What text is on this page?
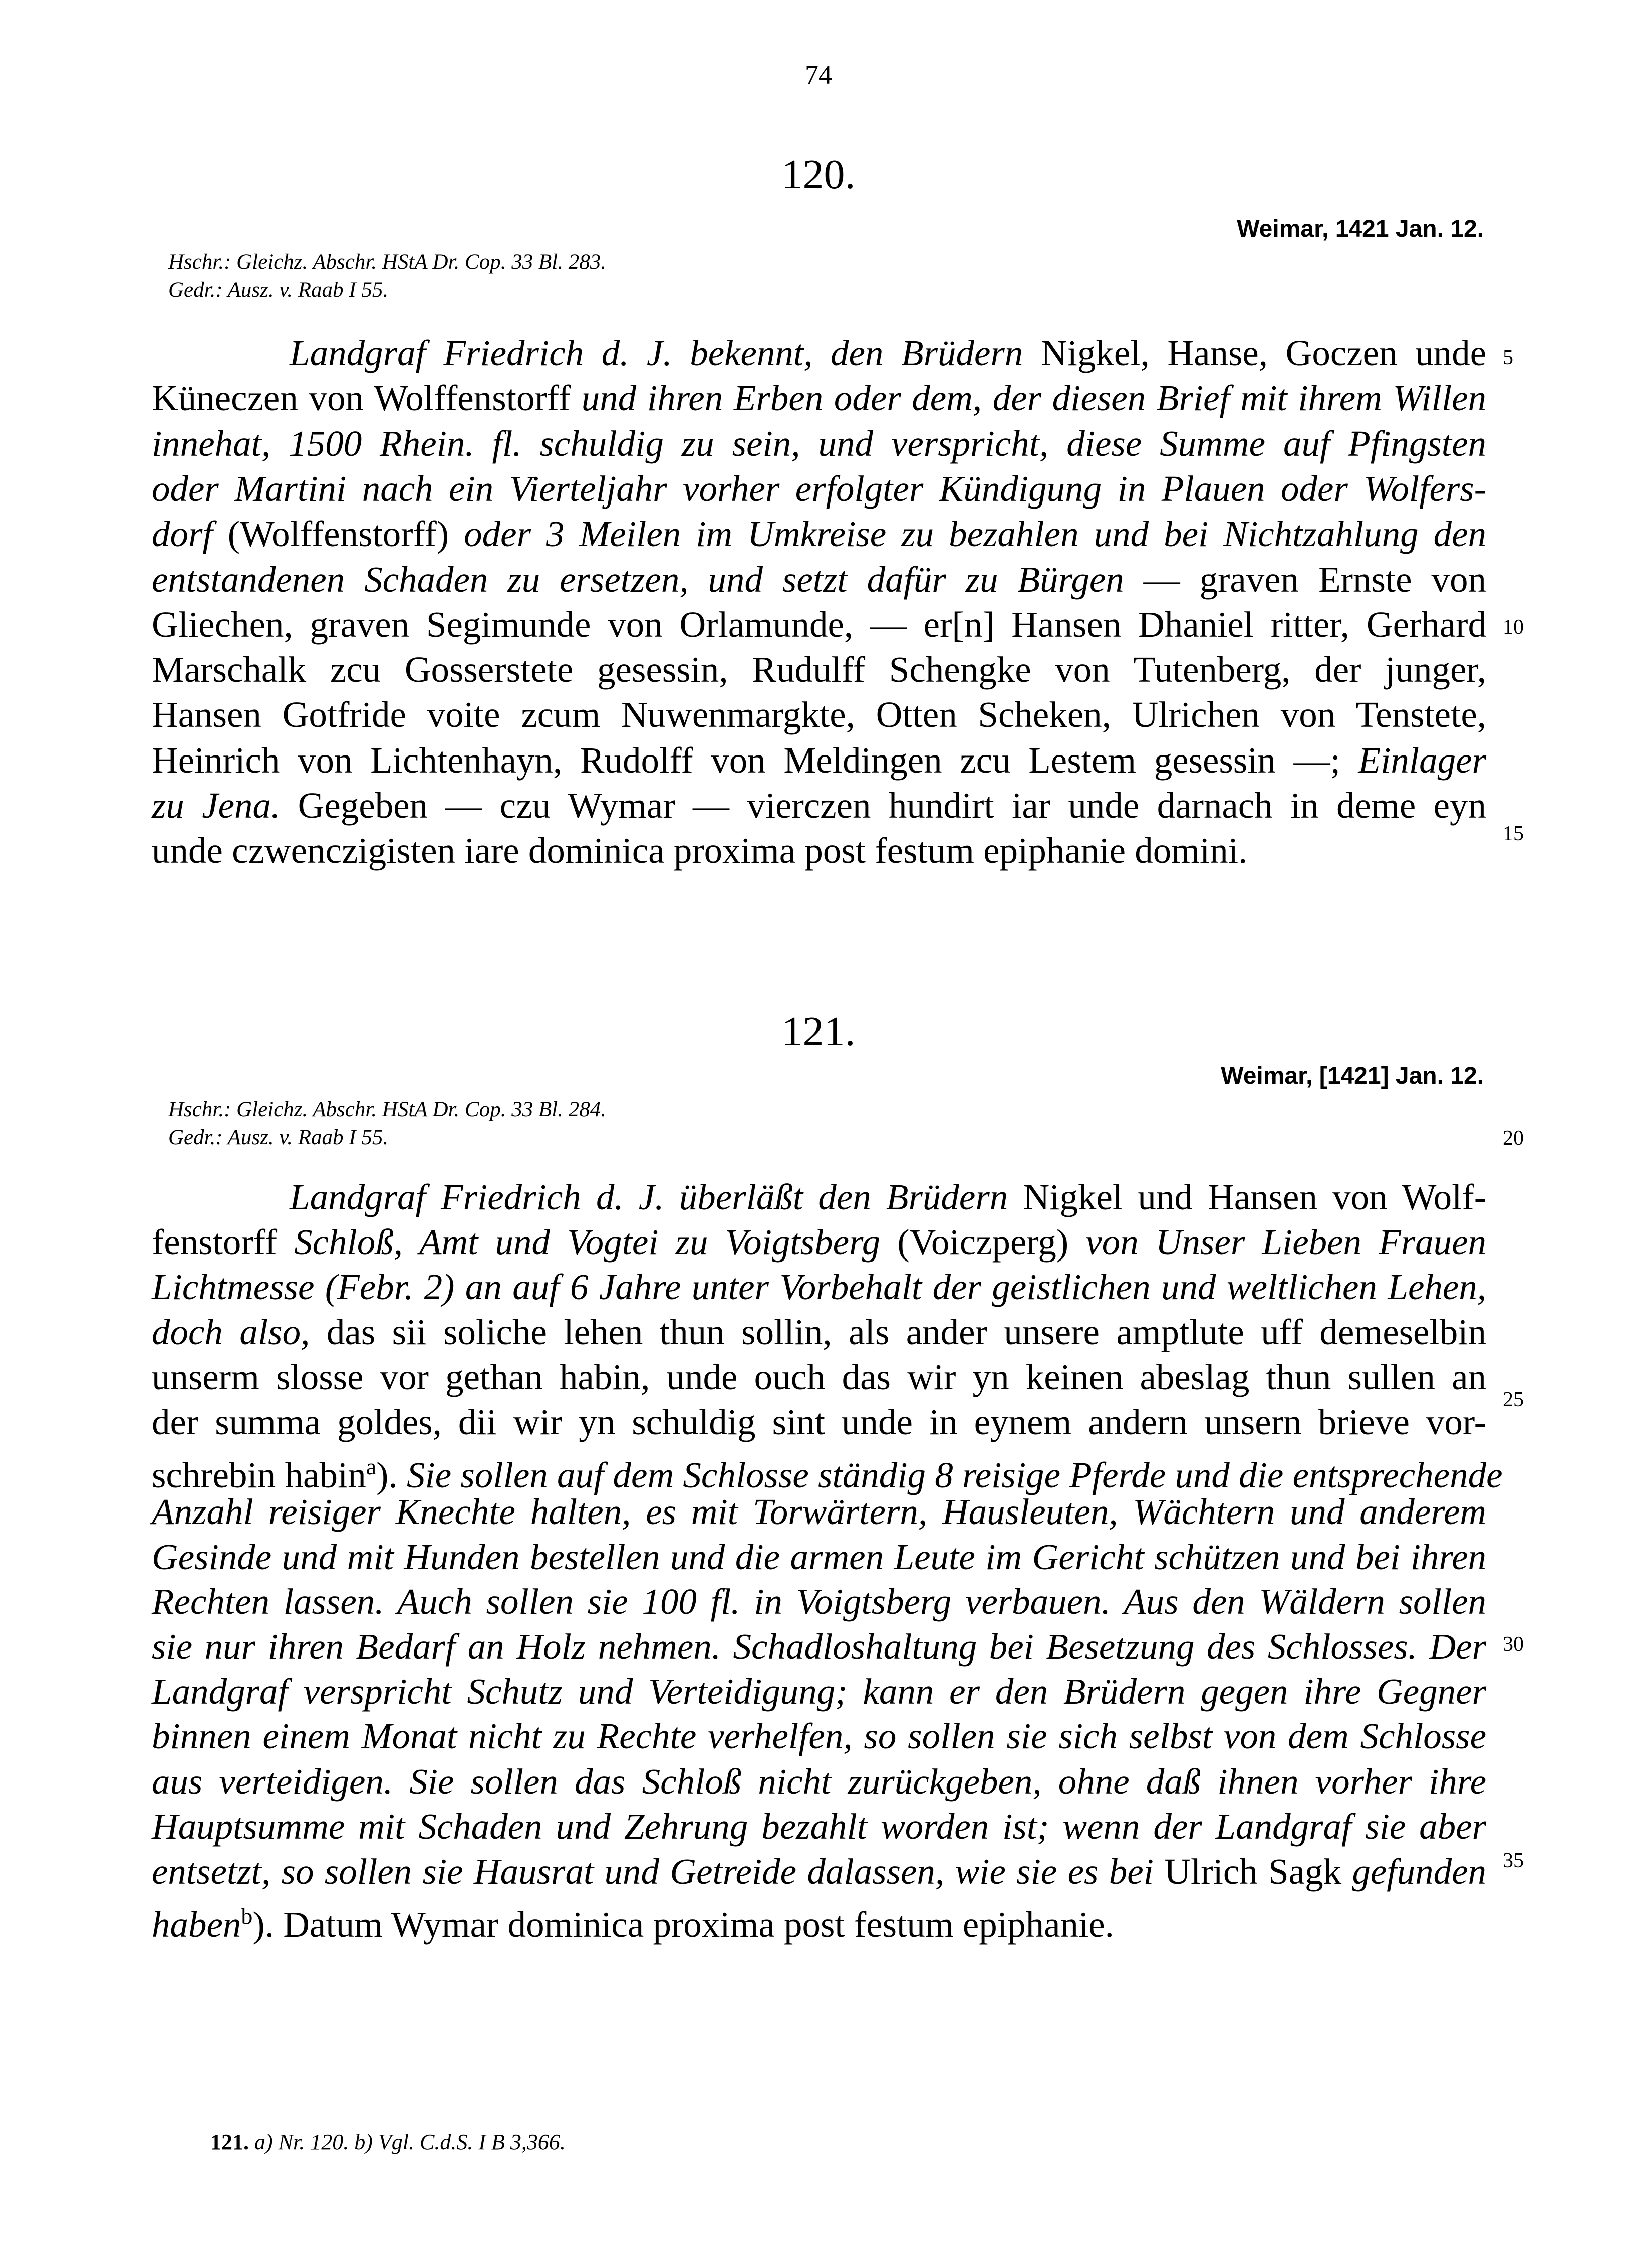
74
120.
Weimar, 1421 Jan. 12.
Hschr.: Gleichz. Abschr. HStA Dr. Cop. 33 Bl. 283.
Gedr.: Ausz. v. Raab I 55.
Landgraf Friedrich d. J. bekennt, den Brüdern Nigkel, Hanse, Goczen unde
Küneczen von Wolffenstorff und ihren Erben oder dem, der diesen Brief mit ihrem Willen
innehat, 1500 Rhein. fl. schuldig zu sein, und verspricht, diese Summe auf Pfingsten
oder Martini nach ein Vierteljahr vorher erfolgter Kündigung in Plauen oder Wolfers-
dorf (Wolffenstorff) oder 3 Meilen im Umkreise zu bezahlen und bei Nichtzahlung den
entstandenen Schaden zu ersetzen, und setzt dafür zu Bürgen — graven Ernste von
Gliechen, graven Segimunde von Orlamunde, — er[n] Hansen Dhaniel ritter, Gerhard
Marschalk zcu Gosserstete gesessin, Rudulff Schengke von Tutenberg, der junger,
Hansen Gotfride voite zcum Nuwenmargkte, Otten Scheken, Ulrichen von Tenstete,
Heinrich von Lichtenhayn, Rudolff von Meldingen zcu Lestem gesessin —; Einlager
zu Jena. Gegeben — czu Wymar — vierczen hundirt iar unde darnach in deme eyn
unde czwenczigisten iare dominica proxima post festum epiphanie domini.
121.
Weimar, [1421] Jan. 12.
Hschr.: Gleichz. Abschr. HStA Dr. Cop. 33 Bl. 284.
Gedr.: Ausz. v. Raab I 55.
Landgraf Friedrich d. J. überläßt den Brüdern Nigkel und Hansen von Wolf-
fenstorff Schloß, Amt und Vogtei zu Voigtsberg (Voiczperg) von Unser Lieben Frauen
Lichtmesse (Febr. 2) an auf 6 Jahre unter Vorbehalt der geistlichen und weltlichen Lehen,
doch also, das sii soliche lehen thun sollin, als ander unsere amptlute uff demeselbin
unserm slosse vor gethan habin, unde ouch das wir yn keinen abeslag thun sullen an
der summa goldes, dii wir yn schuldig sint unde in eynem andern unsern brieve vor-
schrebin habin$^a$). Sie sollen auf dem Schlosse ständig 8 reisige Pferde und die entsprechende
Anzahl reisiger Knechte halten, es mit Torwärtern, Hausleuten, Wächtern und anderem
Gesinde und mit Hunden bestellen und die armen Leute im Gericht schützen und bei ihren
Rechten lassen. Auch sollen sie 100 fl. in Voigtsberg verbauen. Aus den Wäldern sollen
sie nur ihren Bedarf an Holz nehmen. Schadloshaltung bei Besetzung des Schlosses. Der
Landgraf verspricht Schutz und Verteidigung; kann er den Brüdern gegen ihre Gegner
binnen einem Monat nicht zu Rechte verhelfen, so sollen sie sich selbst von dem Schlosse
aus verteidigen. Sie sollen das Schloß nicht zurückgeben, ohne daß ihnen vorher ihre
Hauptsumme mit Schaden und Zehrung bezahlt worden ist; wenn der Landgraf sie aber
entsetzt, so sollen sie Hausrat und Getreide dalassen, wie sie es bei Ulrich Sagk gefunden
haben$^b$). Datum Wymar dominica proxima post festum epiphanie.
5
10
15
20
25
30
35
121. a) Nr. 120. b) Vgl. C.d.S. I B 3,366.
